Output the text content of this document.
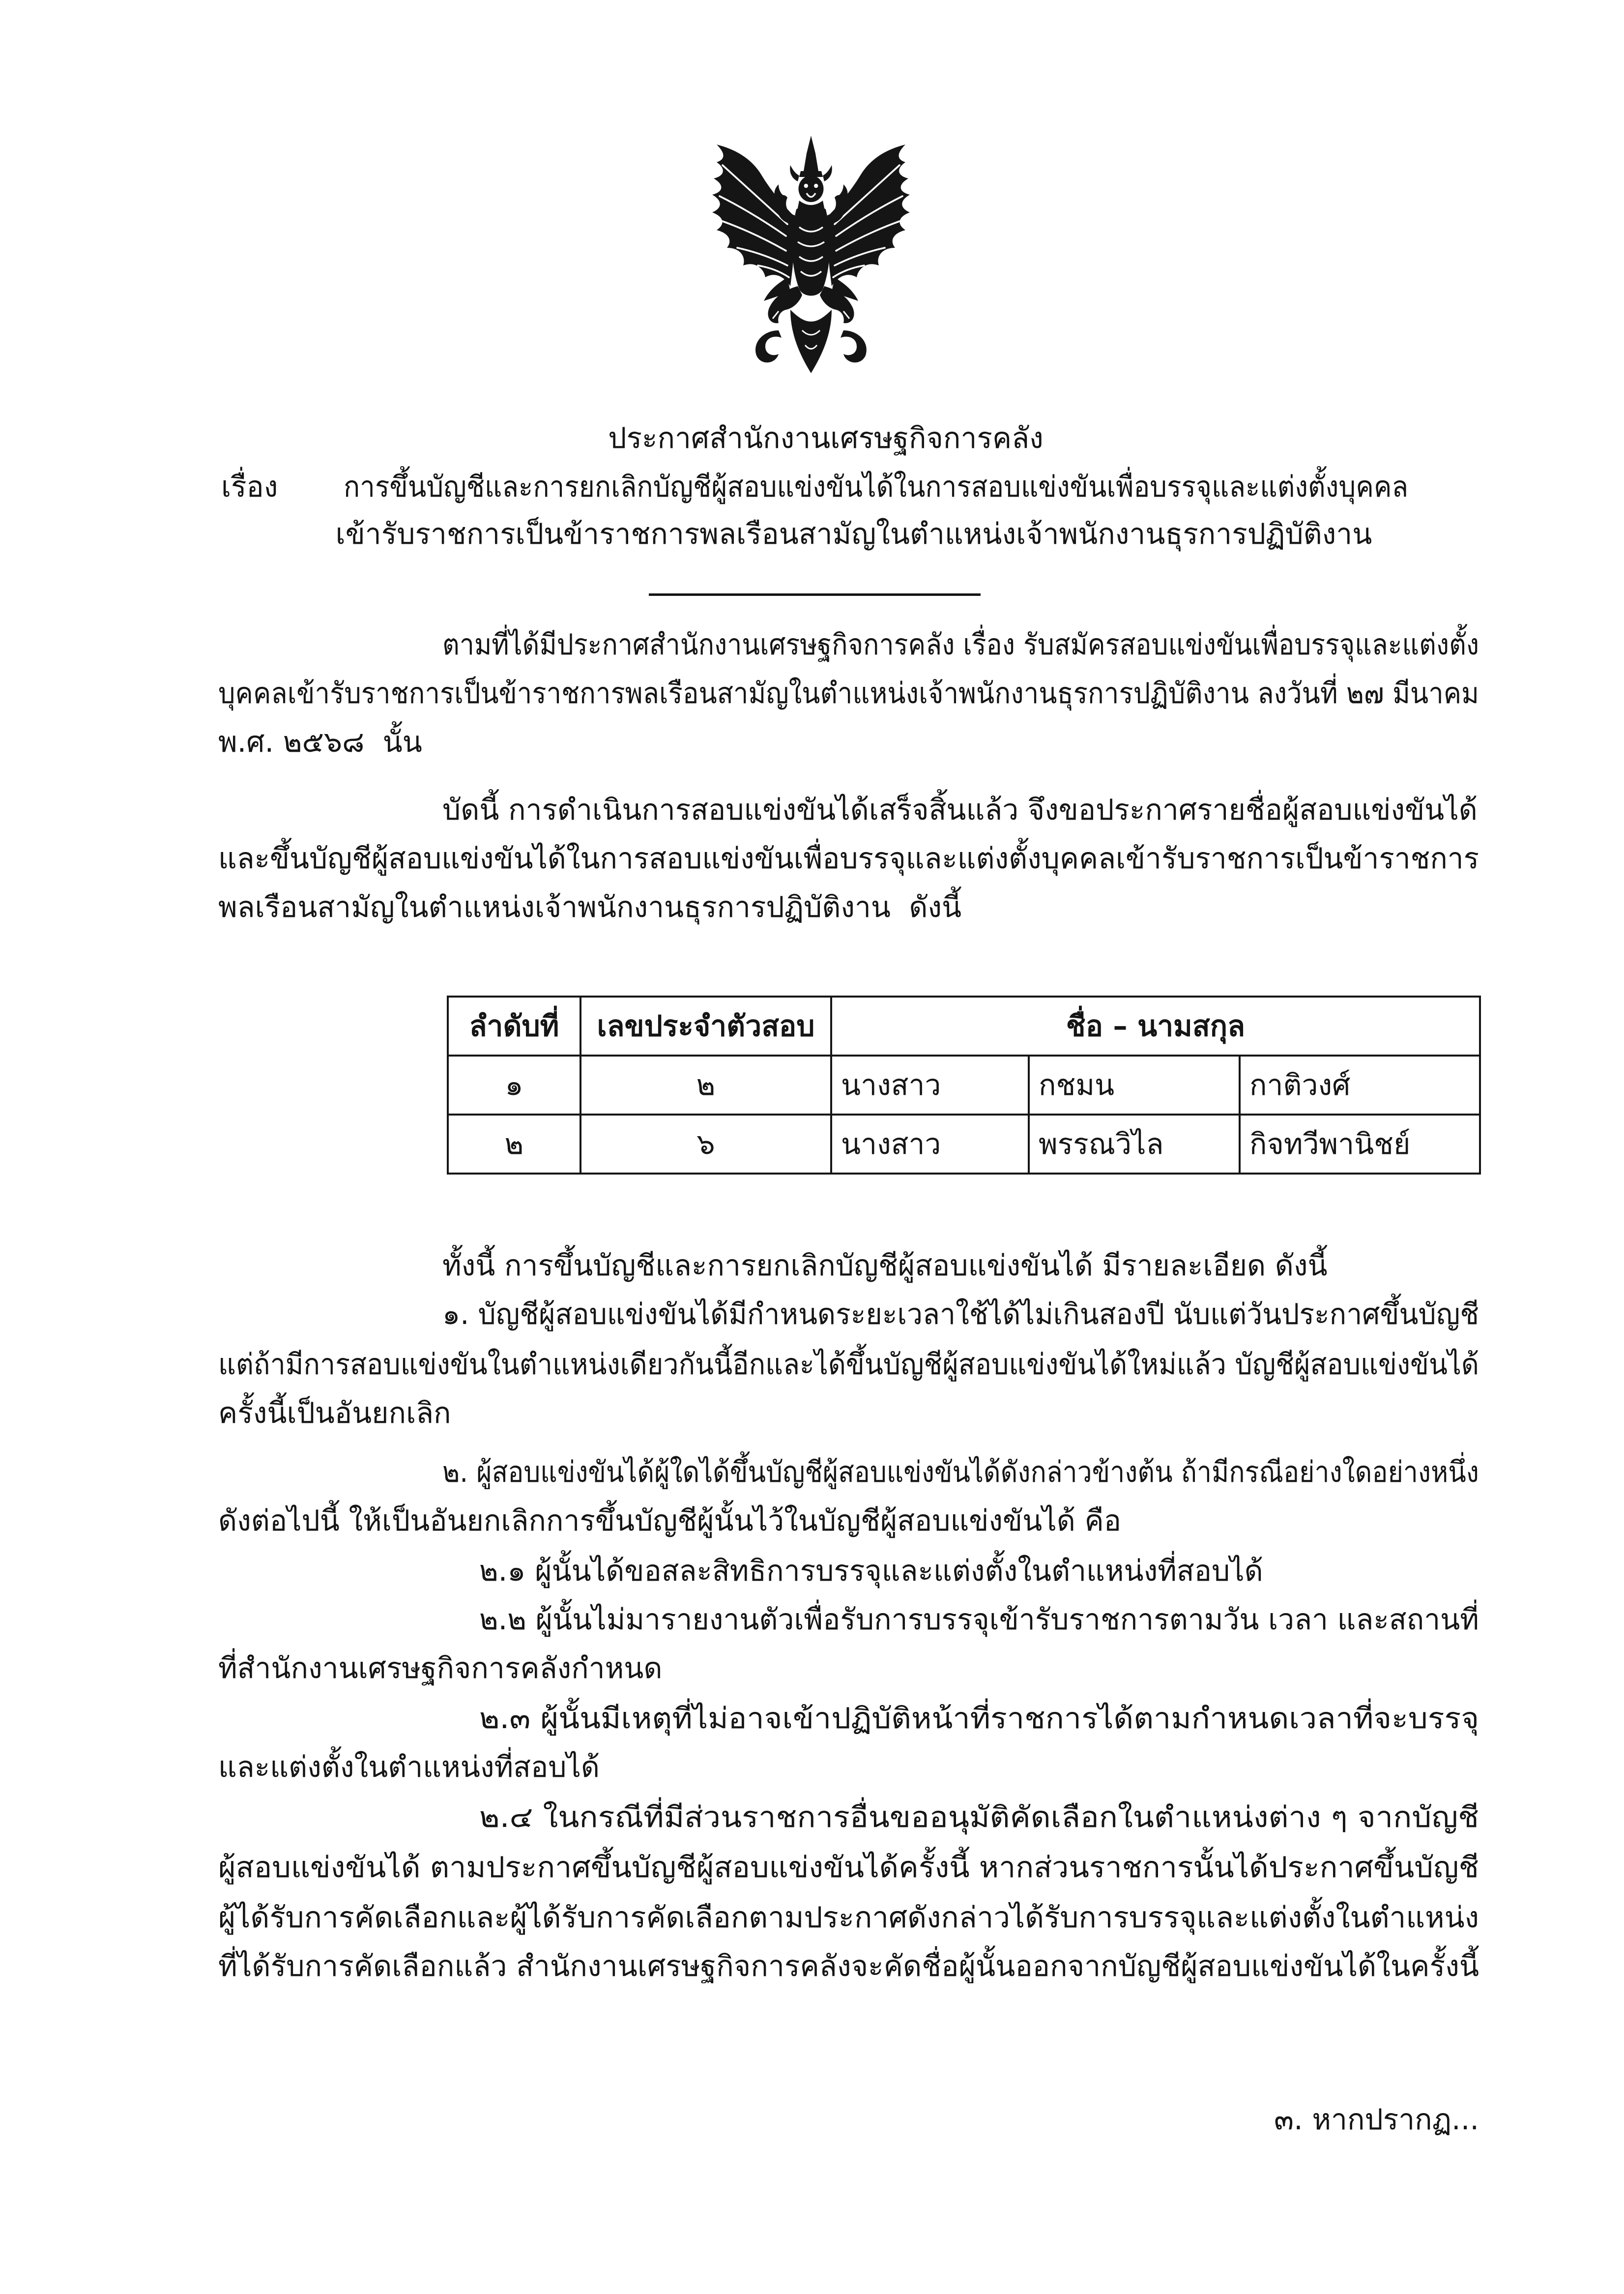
ประกาศสำนักงานเศรษฐกิจการคลัง
เรื่อง	การขึ้นบัญชีและการยกเลิกบัญชีผู้สอบแข่งขันได้ในการสอบแข่งขันเพื่อบรรจุและแต่งตั้งบุคคล
เข้ารับราชการเป็นข้าราชการพลเรือนสามัญในตำแหน่งเจ้าพนักงานธุรการปฏิบัติงาน
ตามที่ได้มีประกาศสำนักงานเศรษฐกิจการคลัง เรื่อง รับสมัครสอบแข่งขันเพื่อบรรจุและแต่งตั้ง
บุคคลเข้ารับราชการเป็นข้าราชการพลเรือนสามัญในตำแหน่งเจ้าพนักงานธุรการปฏิบัติงาน ลงวันที่ ๒๗ มีนาคม
พ.ศ. ๒๕๖๘  นั้น
บัดนี้ การดำเนินการสอบแข่งขันได้เสร็จสิ้นแล้ว จึงขอประกาศรายชื่อผู้สอบแข่งขันได้
และขึ้นบัญชีผู้สอบแข่งขันได้ในการสอบแข่งขันเพื่อบรรจุและแต่งตั้งบุคคลเข้ารับราชการเป็นข้าราชการ
พลเรือนสามัญในตำแหน่งเจ้าพนักงานธุรการปฏิบัติงาน  ดังนี้
ลำดับที่	เลขประจำตัวสอบ	ชื่อ – นามสกุล		
๑	๒	นางสาว	กชมน	กาติวงศ์
๒	๖	นางสาว	พรรณวิไล	กิจทวีพานิชย์
ทั้งนี้ การขึ้นบัญชีและการยกเลิกบัญชีผู้สอบแข่งขันได้ มีรายละเอียด ดังนี้
๑. บัญชีผู้สอบแข่งขันได้มีกำหนดระยะเวลาใช้ได้ไม่เกินสองปี นับแต่วันประกาศขึ้นบัญชี
แต่ถ้ามีการสอบแข่งขันในตำแหน่งเดียวกันนี้อีกและได้ขึ้นบัญชีผู้สอบแข่งขันได้ใหม่แล้ว บัญชีผู้สอบแข่งขันได้
ครั้งนี้เป็นอันยกเลิก
๒. ผู้สอบแข่งขันได้ผู้ใดได้ขึ้นบัญชีผู้สอบแข่งขันได้ดังกล่าวข้างต้น ถ้ามีกรณีอย่างใดอย่างหนึ่ง
ดังต่อไปนี้ ให้เป็นอันยกเลิกการขึ้นบัญชีผู้นั้นไว้ในบัญชีผู้สอบแข่งขันได้ คือ
๒.๑ ผู้นั้นได้ขอสละสิทธิการบรรจุและแต่งตั้งในตำแหน่งที่สอบได้
๒.๒ ผู้นั้นไม่มารายงานตัวเพื่อรับการบรรจุเข้ารับราชการตามวัน เวลา และสถานที่
ที่สำนักงานเศรษฐกิจการคลังกำหนด
๒.๓ ผู้นั้นมีเหตุที่ไม่อาจเข้าปฏิบัติหน้าที่ราชการได้ตามกำหนดเวลาที่จะบรรจุ
และแต่งตั้งในตำแหน่งที่สอบได้
๒.๔ ในกรณีที่มีส่วนราชการอื่นขออนุมัติคัดเลือกในตำแหน่งต่าง ๆ จากบัญชี
ผู้สอบแข่งขันได้ ตามประกาศขึ้นบัญชีผู้สอบแข่งขันได้ครั้งนี้ หากส่วนราชการนั้นได้ประกาศขึ้นบัญชี
ผู้ได้รับการคัดเลือกและผู้ได้รับการคัดเลือกตามประกาศดังกล่าวได้รับการบรรจุและแต่งตั้งในตำแหน่ง
ที่ได้รับการคัดเลือกแล้ว สำนักงานเศรษฐกิจการคลังจะคัดชื่อผู้นั้นออกจากบัญชีผู้สอบแข่งขันได้ในครั้งนี้
๓. หากปรากฏ...
